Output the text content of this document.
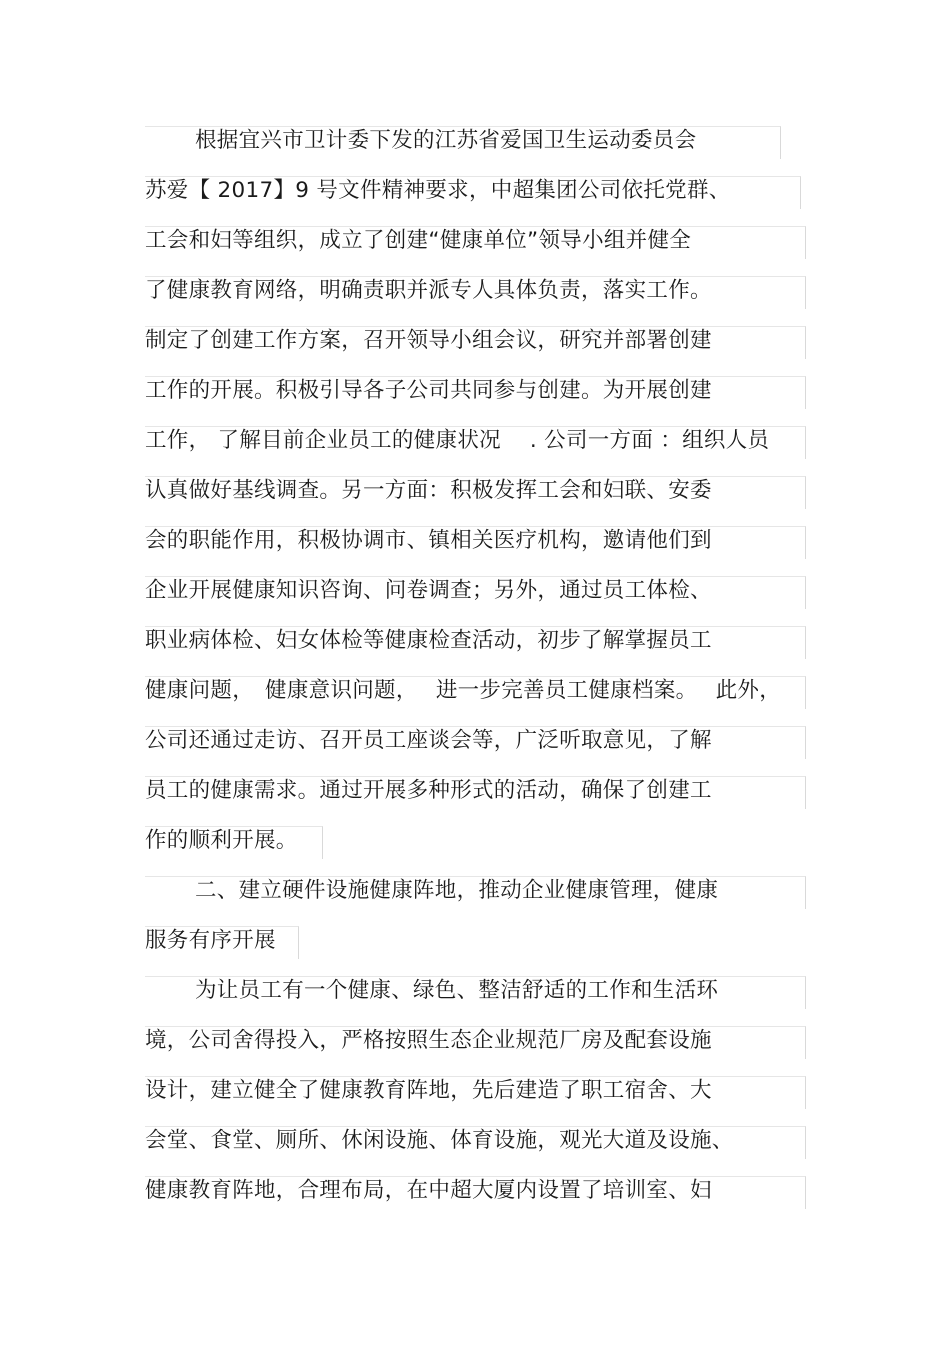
根据宜兴市卫计委下发的江苏省爱国卫生运动委员会
苏爱【 2017】9 号文件精神要求，中超集团公司依托党群、
工会和妇等组织，成立了创建“健康单位”领导小组并健全
了健康教育网络，明确责职并派专人具体负责，落实工作。
制定了创建工作方案，召开领导小组会议，研究并部署创建
工作的开展。积极引导各子公司共同参与创建。为开展创建
工作， 了解目前企业员工的健康状况 　. 公司一方面 ：组织人员
认真做好基线调查。另一方面：积极发挥工会和妇联、安委
会的职能作用，积极协调市、镇相关医疗机构，邀请他们到
企业开展健康知识咨询、问卷调查；另外，通过员工体检、
职业病体检、妇女体检等健康检查活动，初步了解掌握员工
健康问题，　健康意识问题，　 进一步完善员工健康档案。　 此外，
公司还通过走访、召开员工座谈会等，广泛听取意见，了解
员工的健康需求。通过开展多种形式的活动，确保了创建工
作的顺利开展。
二、建立硬件设施健康阵地，推动企业健康管理，健康
服务有序开展
为让员工有一个健康、绿色、整洁舒适的工作和生活环
境，公司舍得投入，严格按照生态企业规范厂房及配套设施
设计，建立健全了健康教育阵地，先后建造了职工宿舍、大
会堂、食堂、厕所、休闲设施、体育设施，观光大道及设施、
健康教育阵地，合理布局，在中超大厦内设置了培训室、妇
